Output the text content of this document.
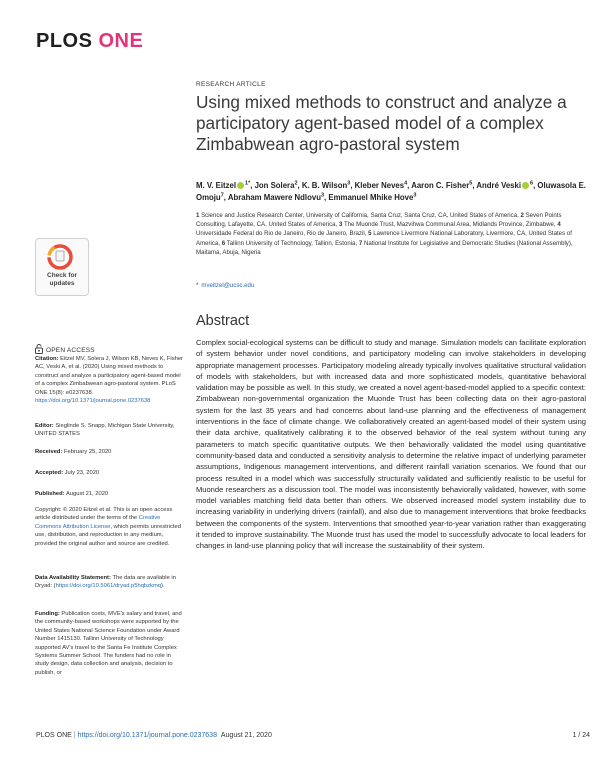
PLOS ONE
RESEARCH ARTICLE
Using mixed methods to construct and analyze a participatory agent-based model of a complex Zimbabwean agro-pastoral system
M. V. Eitzel $^{1*}$, Jon Solera$^2$, K. B. Wilson$^3$, Kleber Neves$^4$, Aaron C. Fisher$^5$, André Veski $^6$, Oluwasola E. Omoju$^7$, Abraham Mawere Ndlovu$^3$, Emmanuel Mhike Hove$^3$
1 Science and Justice Research Center, University of California, Santa Cruz, Santa Cruz, CA, United States of America, 2 Seven Points Consulting, Lafayette, CA, United States of America, 3 The Muonde Trust, Mazvihwa Communal Area, Midlands Province, Zimbabwe, 4 Universidade Federal do Rio de Janeiro, Rio de Janeiro, Brazil, 5 Lawrence Livermore National Laboratory, Livermore, CA, United States of America, 6 Tallinn University of Technology, Tallinn, Estonia, 7 National Institute for Legislative and Democratic Studies (National Assembly), Maitama, Abuja, Nigeria
* mveitzel@ucsc.edu
Abstract

Complex social-ecological systems can be difficult to study and manage. Simulation models can facilitate exploration of system behavior under novel conditions, and participatory modeling can involve stakeholders in developing appropriate management processes. Participatory modeling already typically involves qualitative structural validation of models with stakeholders, but with increased data and more sophisticated models, quantitative behavioral validation may be possible as well. In this study, we created a novel agent-based-model applied to a specific context: Zimbabwean non-governmental organization the Muonde Trust has been collecting data on their agro-pastoral system for the last 35 years and had concerns about land-use planning and the effectiveness of management interventions in the face of climate change. We collaboratively created an agent-based model of their system using their data archive, qualitatively calibrating it to the observed behavior of the real system without tuning any parameters to match specific quantitative outputs. We then behaviorally validated the model using quantitative community-based data and conducted a sensitivity analysis to determine the relative impact of underlying parameter assumptions, Indigenous management interventions, and different rainfall variation scenarios. We found that our process resulted in a model which was successfully structurally validated and sufficiently realistic to be useful for Muonde researchers as a discussion tool. The model was inconsistently behaviorally validated, however, with some model variables matching field data better than others. We observed increased model system instability due to increasing variability in underlying drivers (rainfall), and also due to management interventions that broke feedbacks between the components of the system. Interventions that smoothed year-to-year variation rather than exaggerating it tended to improve sustainability. The Muonde trust has used the model to successfully advocate to local leaders for changes in land-use planning policy that will increase the sustainability of their system.

Check for
updates
OPEN ACCESS
Citation: Eitzel MV, Solera J, Wilson KB, Neves K, Fisher AC, Veski A, et al. (2020) Using mixed methods to construct and analyze a participatory agent-based model of a complex Zimbabwean agro-pastoral system. PLoS ONE 15(8): e0237638. https://doi.org/10.1371/journal.pone.0237638
Editor: Sieglinde S. Snapp, Michigan State University, UNITED STATES
Received: February 25, 2020
Accepted: July 23, 2020
Published: August 21, 2020
Copyright: © 2020 Eitzel et al. This is an open access article distributed under the terms of the Creative Commons Attribution License, which permits unrestricted use, distribution, and reproduction in any medium, provided the original author and source are credited.
Data Availability Statement: The data are available in Dryad: (https://doi.org/10.5061/dryad.p5hqbzkmq).
Funding: Publication costs, MVE's salary and travel, and the community-based workshops were supported by the United States National Science Foundation under Award Number 1415130. Tallinn University of Technology supported AV's travel to the Santa Fe Institute Complex Systems Summer School. The funders had no role in study design, data collection and analysis, decision to publish, or
PLOS ONE | https://doi.org/10.1371/journal.pone.0237638 August 21, 2020	1 / 24
